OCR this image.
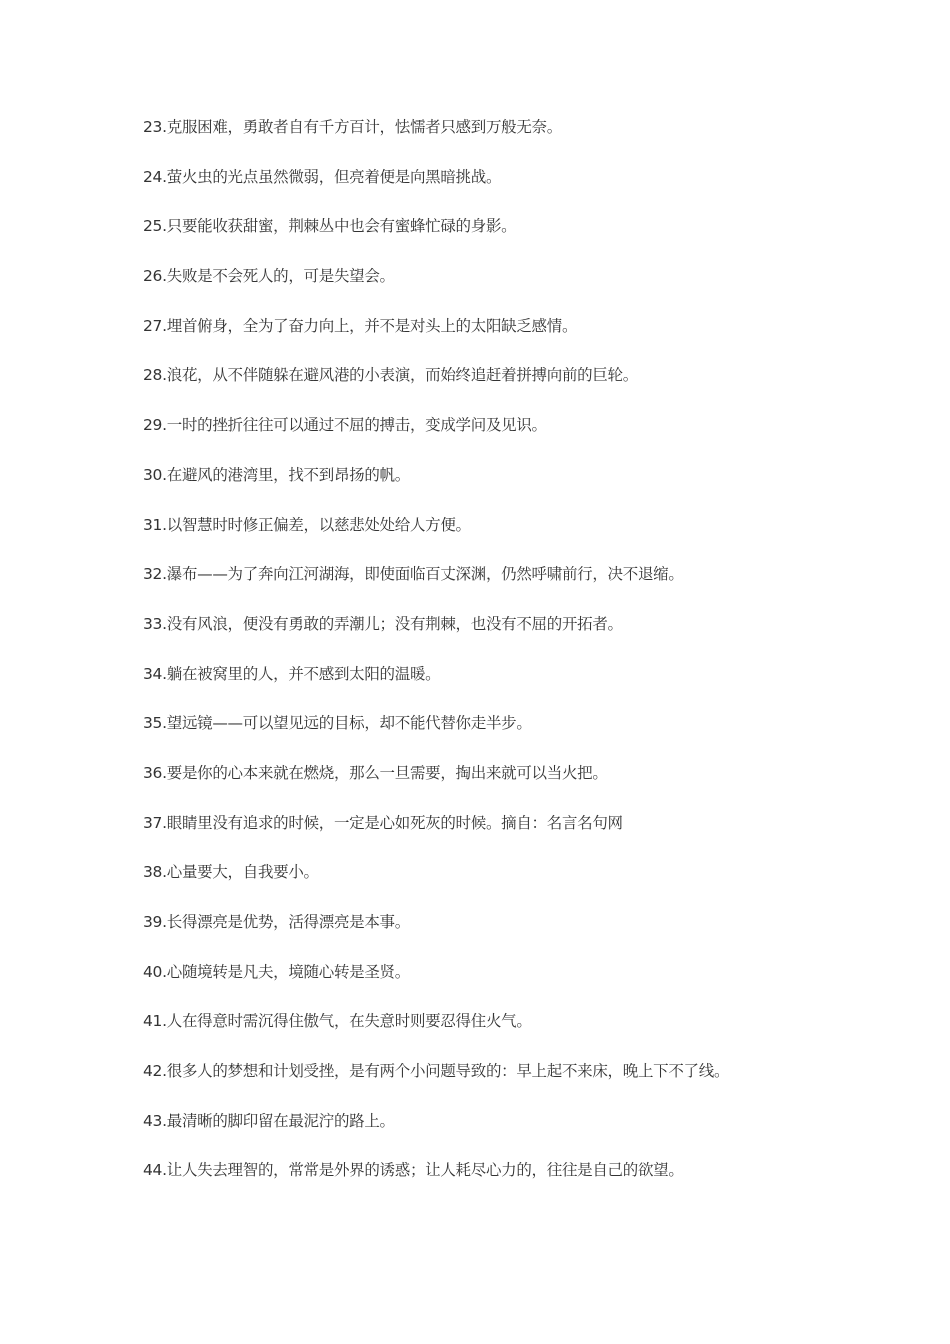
23.克服困难，勇敢者自有千方百计，怯懦者只感到万般无奈。
24.萤火虫的光点虽然微弱，但亮着便是向黑暗挑战。
25.只要能收获甜蜜，荆棘丛中也会有蜜蜂忙碌的身影。
26.失败是不会死人的，可是失望会。
27.埋首俯身，全为了奋力向上，并不是对头上的太阳缺乏感情。
28.浪花，从不伴随躲在避风港的小表演，而始终追赶着拼搏向前的巨轮。
29.一时的挫折往往可以通过不屈的搏击，变成学问及见识。
30.在避风的港湾里，找不到昂扬的帆。
31.以智慧时时修正偏差，以慈悲处处给人方便。
32.瀑布——为了奔向江河湖海，即使面临百丈深渊，仍然呼啸前行，决不退缩。
33.没有风浪，便没有勇敢的弄潮儿；没有荆棘，也没有不屈的开拓者。
34.躺在被窝里的人，并不感到太阳的温暖。
35.望远镜——可以望见远的目标，却不能代替你走半步。
36.要是你的心本来就在燃烧，那么一旦需要，掏出来就可以当火把。
37.眼睛里没有追求的时候，一定是心如死灰的时候。摘自：名言名句网
38.心量要大，自我要小。
39.长得漂亮是优势，活得漂亮是本事。
40.心随境转是凡夫，境随心转是圣贤。
41.人在得意时需沉得住傲气，在失意时则要忍得住火气。
42.很多人的梦想和计划受挫，是有两个小问题导致的：早上起不来床，晚上下不了线。
43.最清晰的脚印留在最泥泞的路上。
44.让人失去理智的，常常是外界的诱惑；让人耗尽心力的，往往是自己的欲望。
